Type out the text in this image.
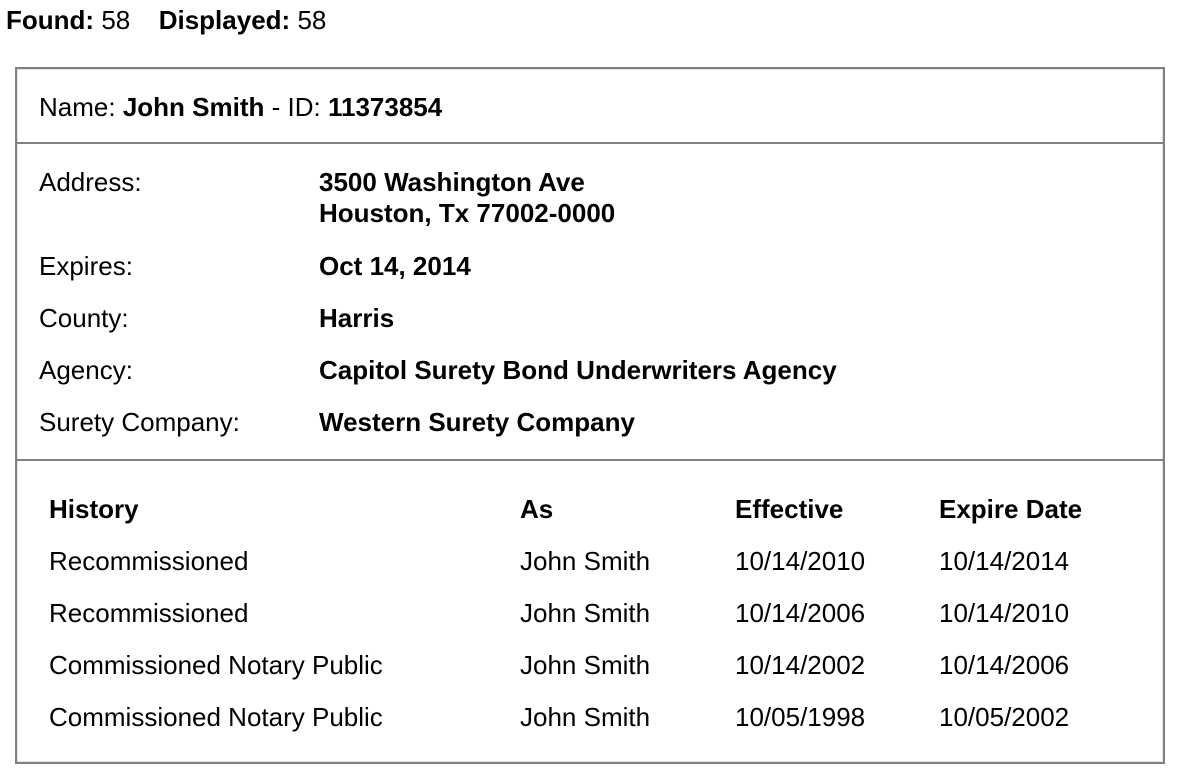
Found: 58 Displayed: 58
Name: John Smith - ID: 11373854
Address:	3500 Washington Ave
Houston, Tx 77002-0000
Expires:	Oct 14, 2014
County:	Harris
Agency:	Capitol Surety Bond Underwriters Agency
Surety Company:	Western Surety Company
History	As	Effective	Expire Date
Recommissioned	John Smith	10/14/2010	10/14/2014
Recommissioned	John Smith	10/14/2006	10/14/2010
Commissioned Notary Public	John Smith	10/14/2002	10/14/2006
Commissioned Notary Public	John Smith	10/05/1998	10/05/2002
